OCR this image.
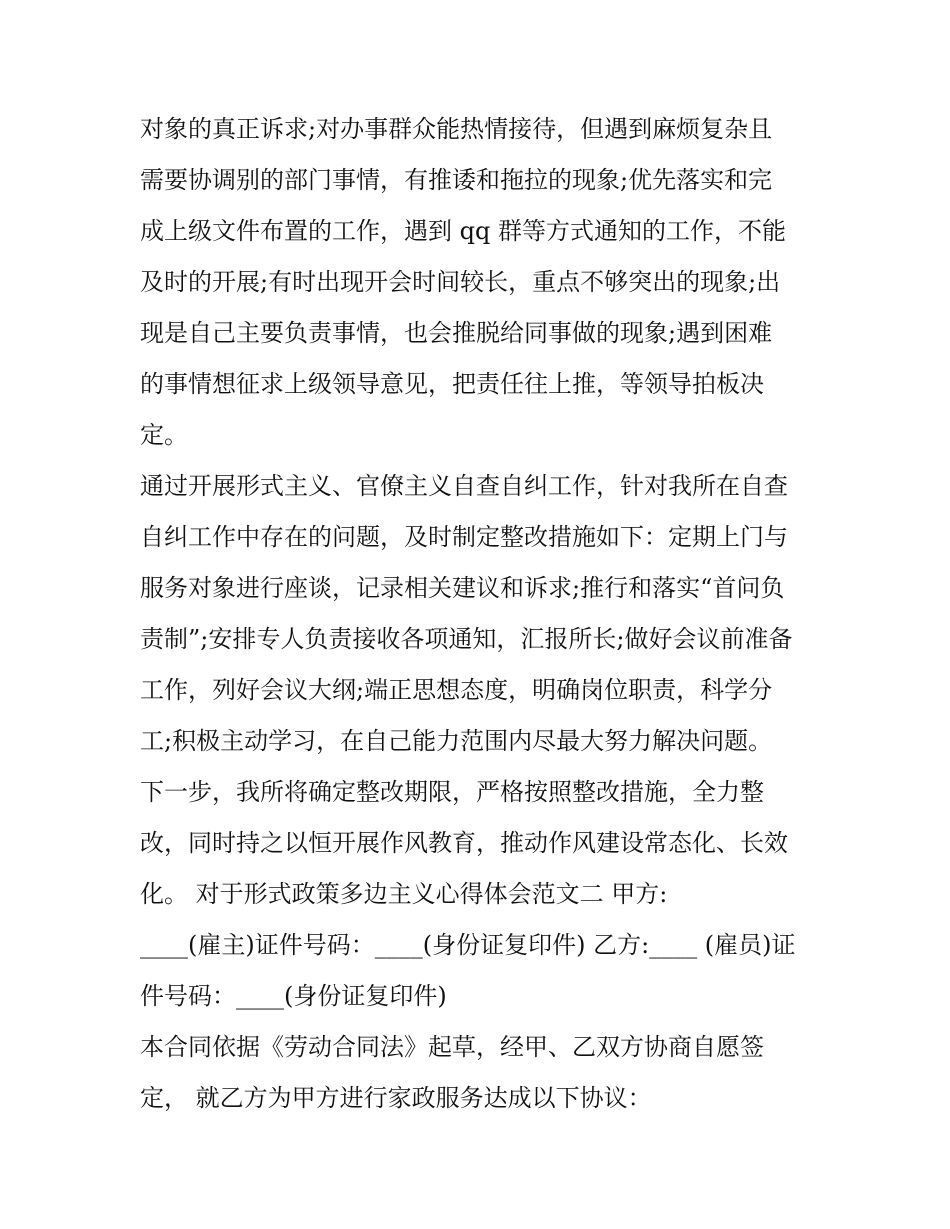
对象的真正诉求;对办事群众能热情接待，但遇到麻烦复杂且
需要协调别的部门事情，有推诿和拖拉的现象;优先落实和完
成上级文件布置的工作，遇到 qq 群等方式通知的工作，不能
及时的开展;有时出现开会时间较长，重点不够突出的现象;出
现是自己主要负责事情，也会推脱给同事做的现象;遇到困难
的事情想征求上级领导意见，把责任往上推，等领导拍板决
定。
通过开展形式主义、官僚主义自查自纠工作，针对我所在自查
自纠工作中存在的问题，及时制定整改措施如下：定期上门与
服务对象进行座谈，记录相关建议和诉求;推行和落实“首问负
责制”;安排专人负责接收各项通知，汇报所长;做好会议前准备
工作，列好会议大纲;端正思想态度，明确岗位职责，科学分
工;积极主动学习，在自己能力范围内尽最大努力解决问题。
下一步，我所将确定整改期限，严格按照整改措施，全力整
改，同时持之以恒开展作风教育，推动作风建设常态化、长效
化。 对于形式政策多边主义心得体会范文二 甲方:
____(雇主)证件号码：____(身份证复印件) 乙方:____ (雇员)证
件号码：____(身份证复印件)
本合同依据《劳动合同法》起草，经甲、乙双方协商自愿签
定， 就乙方为甲方进行家政服务达成以下协议：
